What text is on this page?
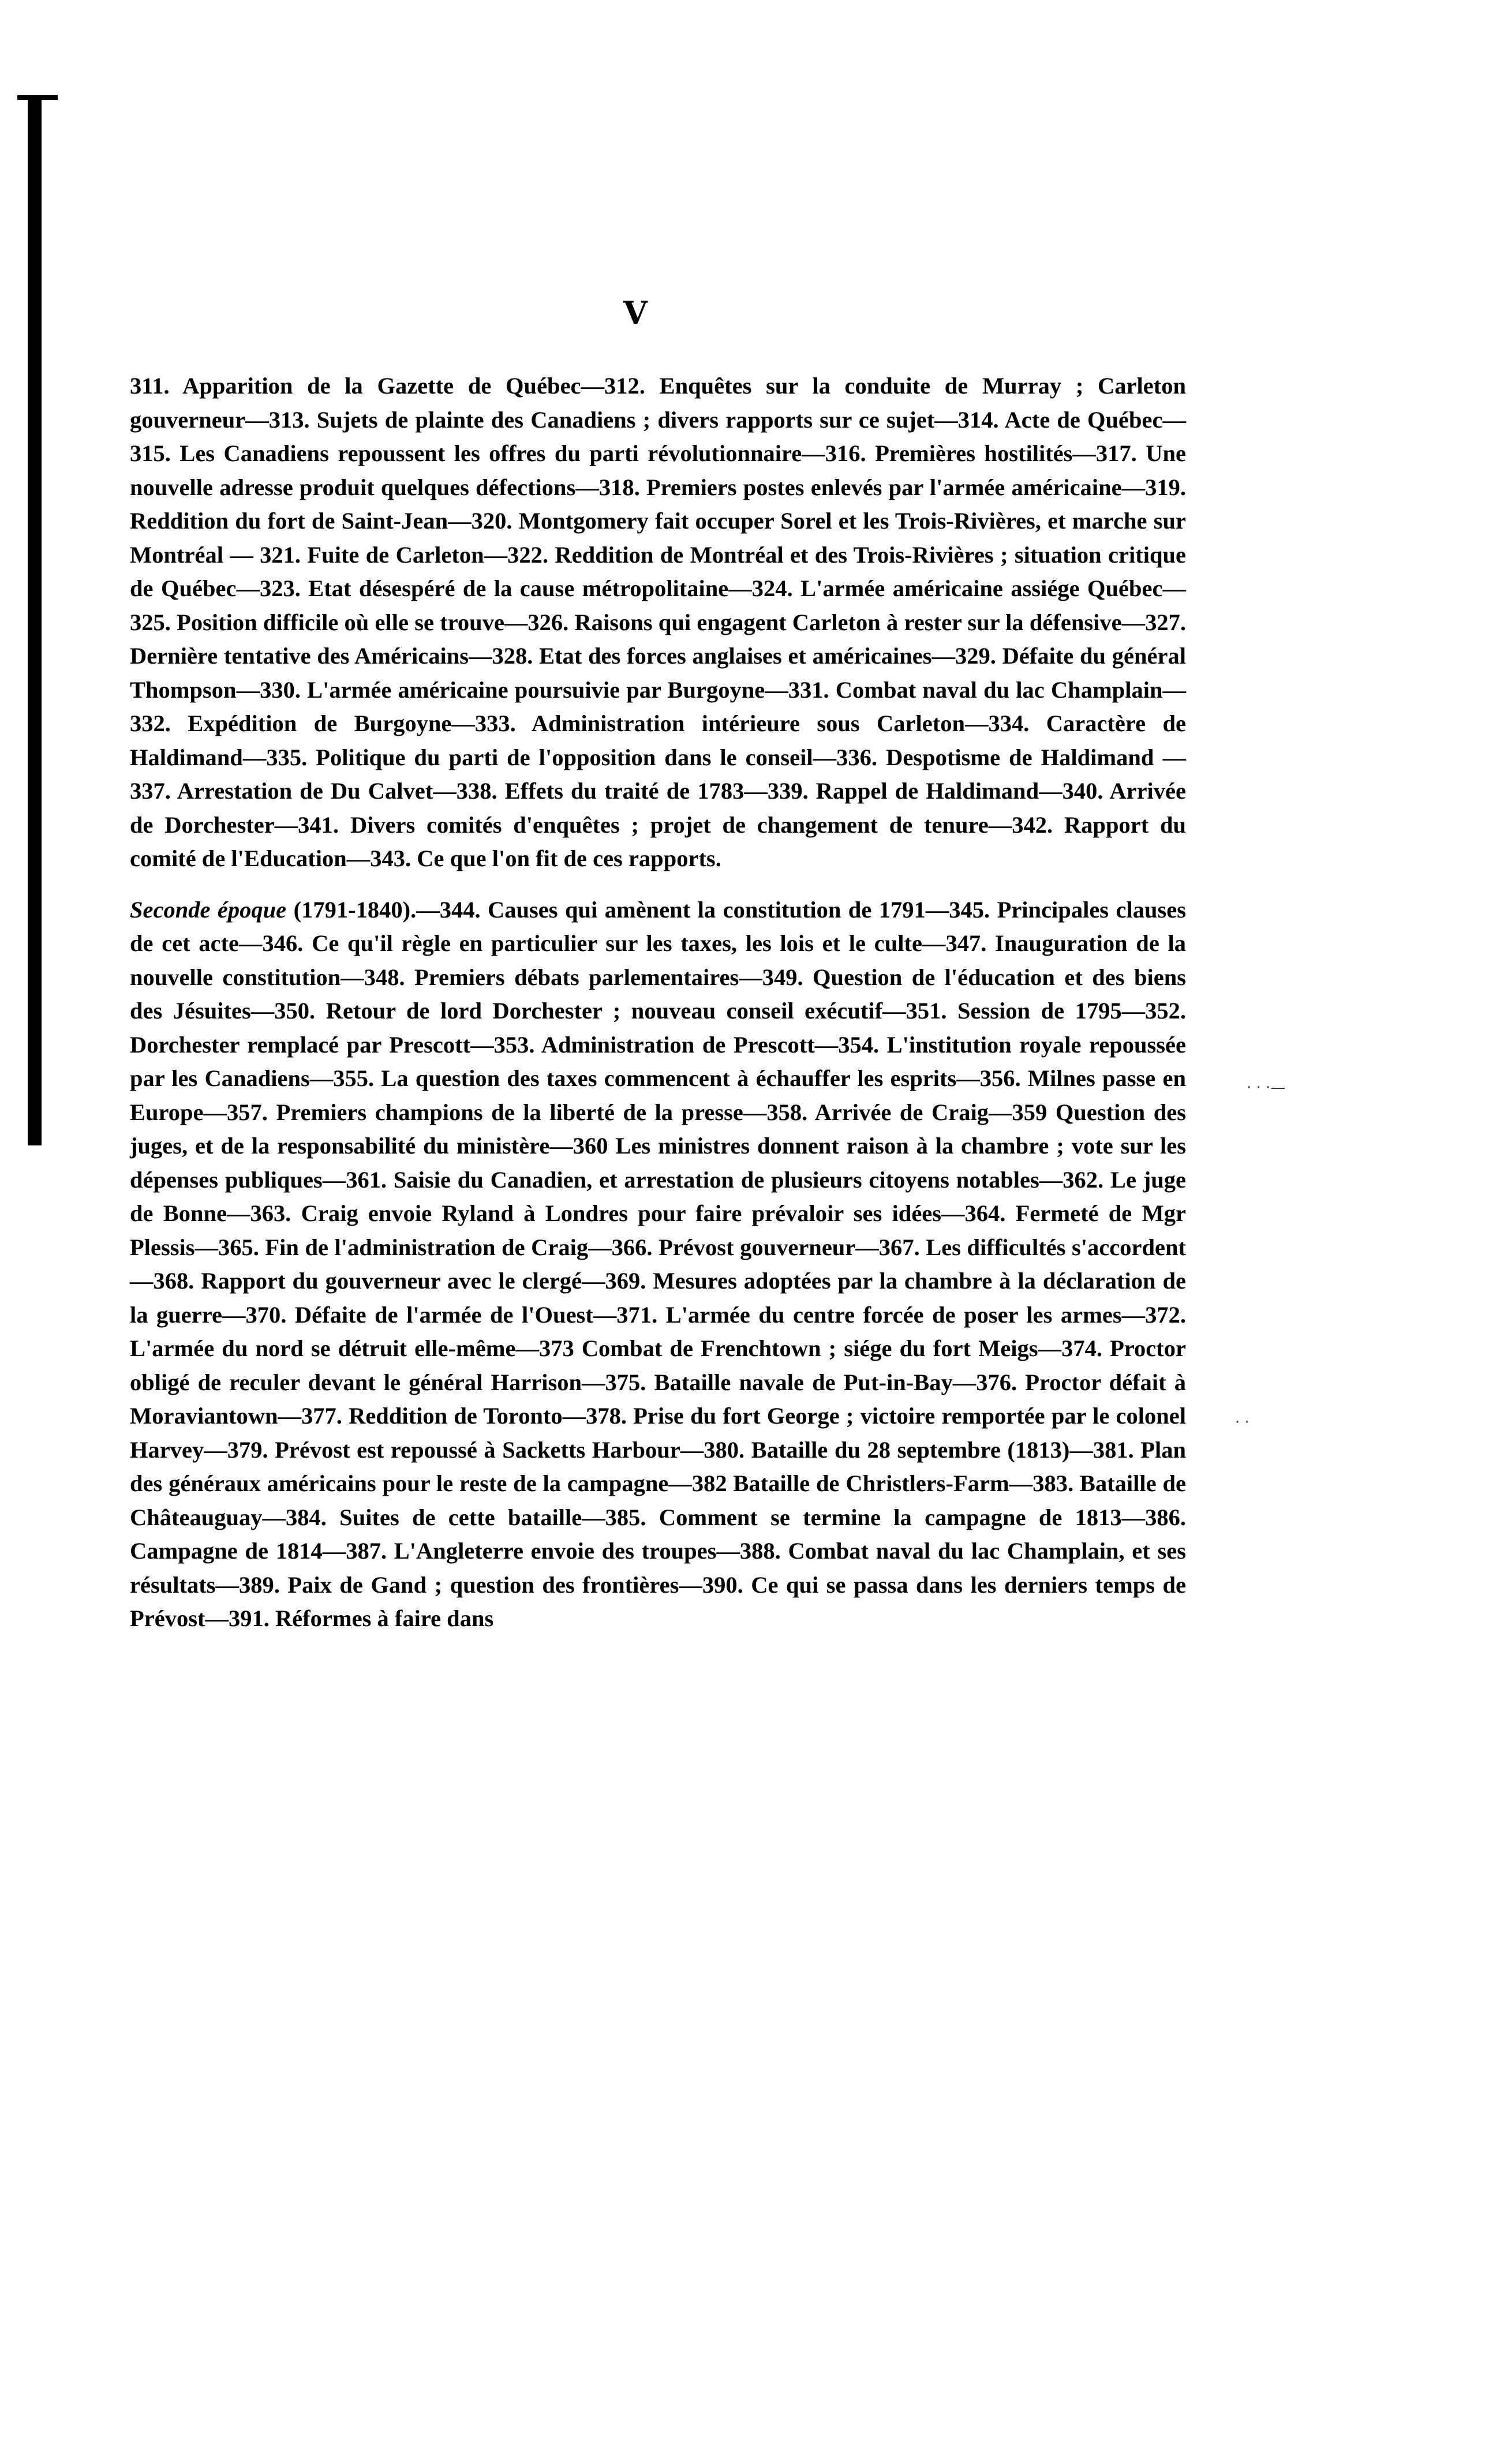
V

311. Apparition de la Gazette de Québec—312. Enquêtes sur la conduite de Murray ; Carleton gouverneur—313. Sujets de plainte des Canadiens ; divers rapports sur ce sujet—314. Acte de Québec—315. Les Canadiens repoussent les offres du parti révolutionnaire—316. Premières hostilités—317. Une nouvelle adresse produit quelques défections—318. Premiers postes enlevés par l'armée américaine—319. Reddition du fort de Saint-Jean—320. Montgomery fait occuper Sorel et les Trois-Rivières, et marche sur Montréal — 321. Fuite de Carleton—322. Reddition de Montréal et des Trois-Rivières ; situation critique de Québec—323. Etat désespéré de la cause métropolitaine—324. L'armée américaine assiége Québec—325. Position difficile où elle se trouve—326. Raisons qui engagent Carleton à rester sur la défensive—327. Dernière tentative des Américains—328. Etat des forces anglaises et américaines—329. Défaite du général Thompson—330. L'armée américaine poursuivie par Burgoyne—331. Combat naval du lac Champlain—332. Expédition de Burgoyne—333. Administration intérieure sous Carleton—334. Caractère de Haldimand—335. Politique du parti de l'opposition dans le conseil—336. Despotisme de Haldimand — 337. Arrestation de Du Calvet—338. Effets du traité de 1783—339. Rappel de Haldimand—340. Arrivée de Dorchester—341. Divers comités d'enquêtes ; projet de changement de tenure—342. Rapport du comité de l'Education—343. Ce que l'on fit de ces rapports.

Seconde époque (1791-1840).—344. Causes qui amènent la constitution de 1791—345. Principales clauses de cet acte—346. Ce qu'il règle en particulier sur les taxes, les lois et le culte—347. Inauguration de la nouvelle constitution—348. Premiers débats parlementaires—349. Question de l'éducation et des biens des Jésuites—350. Retour de lord Dorchester ; nouveau conseil exécutif—351. Session de 1795—352. Dorchester remplacé par Prescott—353. Administration de Prescott—354. L'institution royale repoussée par les Canadiens—355. La question des taxes commencent à échauffer les esprits—356. Milnes passe en Europe—357. Premiers champions de la liberté de la presse—358. Arrivée de Craig—359 Question des juges, et de la responsabilité du ministère—360 Les ministres donnent raison à la chambre ; vote sur les dépenses publiques—361. Saisie du Canadien, et arrestation de plusieurs citoyens notables—362. Le juge de Bonne—363. Craig envoie Ryland à Londres pour faire prévaloir ses idées—364. Fermeté de Mgr Plessis—365. Fin de l'administration de Craig—366. Prévost gouverneur—367. Les difficultés s'accordent—368. Rapport du gouverneur avec le clergé—369. Mesures adoptées par la chambre à la déclaration de la guerre—370. Défaite de l'armée de l'Ouest—371. L'armée du centre forcée de poser les armes—372. L'armée du nord se détruit elle-même—373 Combat de Frenchtown ; siége du fort Meigs—374. Proctor obligé de reculer devant le général Harrison—375. Bataille navale de Put-in-Bay—376. Proctor défait à Moraviantown—377. Reddition de Toronto—378. Prise du fort George ; victoire remportée par le colonel Harvey—379. Prévost est repoussé à Sacketts Harbour—380. Bataille du 28 septembre (1813)—381. Plan des généraux américains pour le reste de la campagne—382 Bataille de Christlers-Farm—383. Bataille de Châteauguay—384. Suites de cette bataille—385. Comment se termine la campagne de 1813—386. Campagne de 1814—387. L'Angleterre envoie des troupes—388. Combat naval du lac Champlain, et ses résultats—389. Paix de Gand ; question des frontières—390. Ce qui se passa dans les derniers temps de Prévost—391. Réformes à faire dans

· · ·—
· ·
